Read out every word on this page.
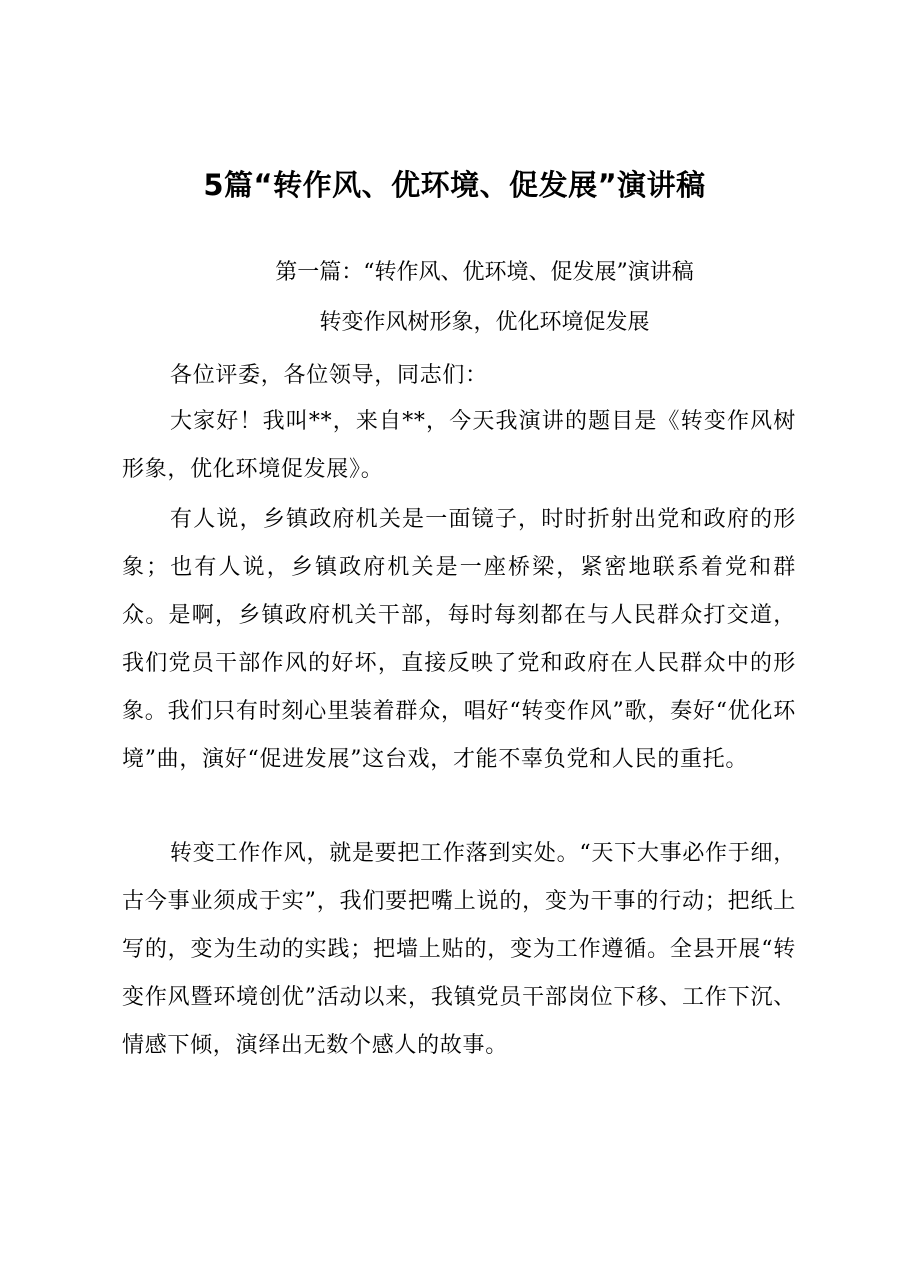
5篇“转作风、优环境、促发展”演讲稿

第一篇：“转作风、优环境、促发展”演讲稿

转变作风树形象，优化环境促发展

各位评委，各位领导，同志们：

大家好！我叫**，来自**，今天我演讲的题目是《转变作风树形象，优化环境促发展》。

有人说，乡镇政府机关是一面镜子，时时折射出党和政府的形象；也有人说，乡镇政府机关是一座桥梁，紧密地联系着党和群众。是啊，乡镇政府机关干部，每时每刻都在与人民群众打交道，我们党员干部作风的好坏，直接反映了党和政府在人民群众中的形象。我们只有时刻心里装着群众，唱好“转变作风”歌，奏好“优化环境”曲，演好“促进发展”这台戏，才能不辜负党和人民的重托。

转变工作作风，就是要把工作落到实处。“天下大事必作于细，古今事业须成于实”，我们要把嘴上说的，变为干事的行动；把纸上写的，变为生动的实践；把墙上贴的，变为工作遵循。全县开展“转变作风暨环境创优”活动以来，我镇党员干部岗位下移、工作下沉、情感下倾，演绎出无数个感人的故事。
